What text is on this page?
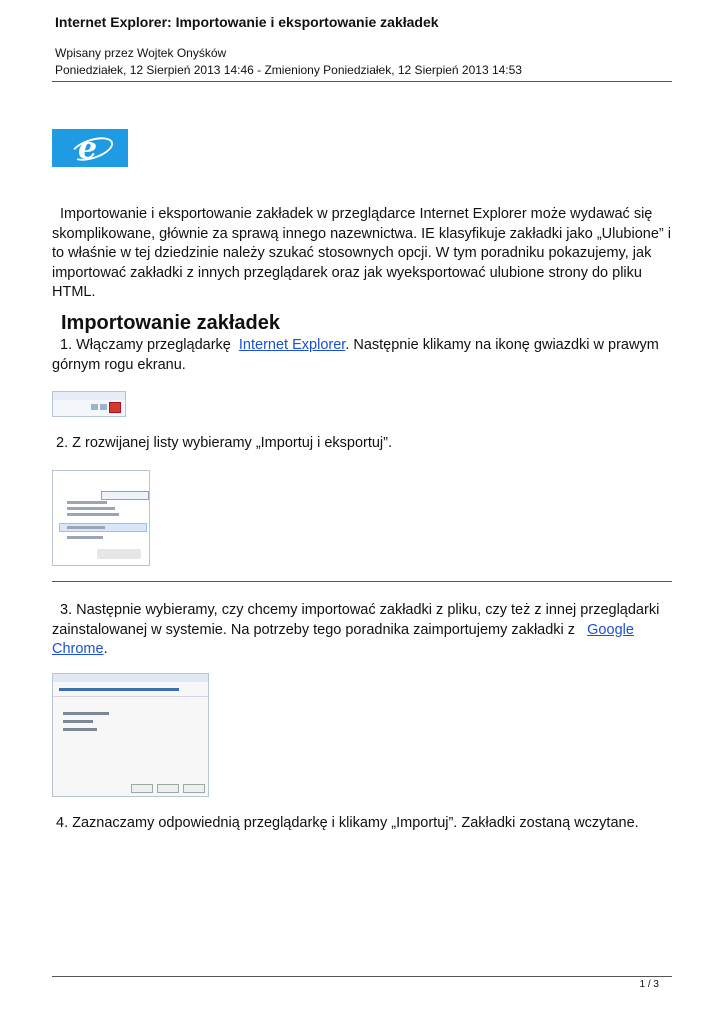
Internet Explorer: Importowanie i eksportowanie zakładek
Wpisany przez Wojtek Onyśków
Poniedziałek, 12 Sierpień 2013 14:46 - Zmieniony Poniedziałek, 12 Sierpień 2013 14:53
e
Importowanie i eksportowanie zakładek w przeglądarce Internet Explorer może wydawać się skomplikowane, głównie za sprawą innego nazewnictwa. IE klasyfikuje zakładki jako „Ulubione” i to właśnie w tej dziedzinie należy szukać stosownych opcji. W tym poradniku pokazujemy, jak importować zakładki z innych przeglądarek oraz jak wyeksportować ulubione strony do pliku HTML.
Importowanie zakładek
1. Włączamy przeglądarkę Internet Explorer. Następnie klikamy na ikonę gwiazdki w prawym górnym rogu ekranu.
2. Z rozwijanej listy wybieramy „Importuj i eksportuj”.
3. Następnie wybieramy, czy chcemy importować zakładki z pliku, czy też z innej przeglądarki zainstalowanej w systemie. Na potrzeby tego poradnika zaimportujemy zakładki z Google Chrome.
4. Zaznaczamy odpowiednią przeglądarkę i klikamy „Importuj”. Zakładki zostaną wczytane.
1 / 3
